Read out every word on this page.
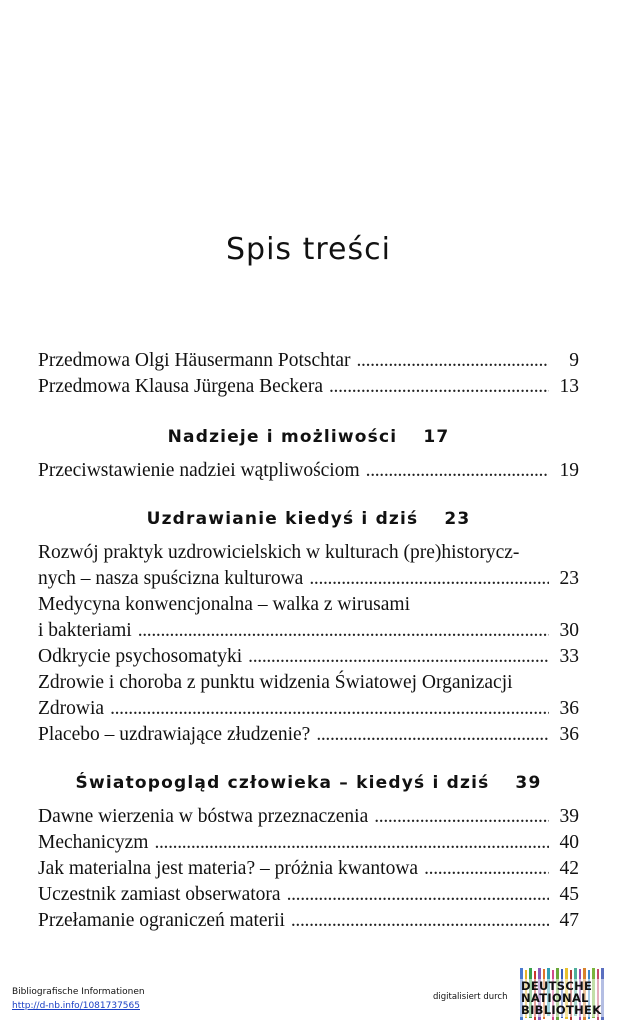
Spis treści
Przedmowa Olgi Häusermann Potschtar . . .	9
Przedmowa Klausa Jürgena Beckera . . .	13
Nadzieje i możliwości 17
Przeciwstawienie nadziei wątpliwościom . . .	19
Uzdrawianie kiedyś i dziś 23
Rozwój praktyk uzdrowicielskich w kulturach (pre)historycz-
nych – nasza spuścizna kulturowa . . .	23
Medycyna konwencjonalna – walka z wirusami
i bakteriami . . .	30
Odkrycie psychosomatyki . . .	33
Zdrowie i choroba z punktu widzenia Światowej Organizacji
Zdrowia . . .	36
Placebo – uzdrawiające złudzenie? . . .	36
Światopogląd człowieka – kiedyś i dziś 39
Dawne wierzenia w bóstwa przeznaczenia . . .	39
Mechanicyzm . . .	40
Jak materialna jest materia? – próżnia kwantowa . . .	42
Uczestnik zamiast obserwatora . . .	45
Przełamanie ograniczeń materii . . .	47
Bibliografische Informationen
http://d-nb.info/1081737565
digitalisiert durch
DEUTSCHE
NATIONAL
BIBLIOTHEK
